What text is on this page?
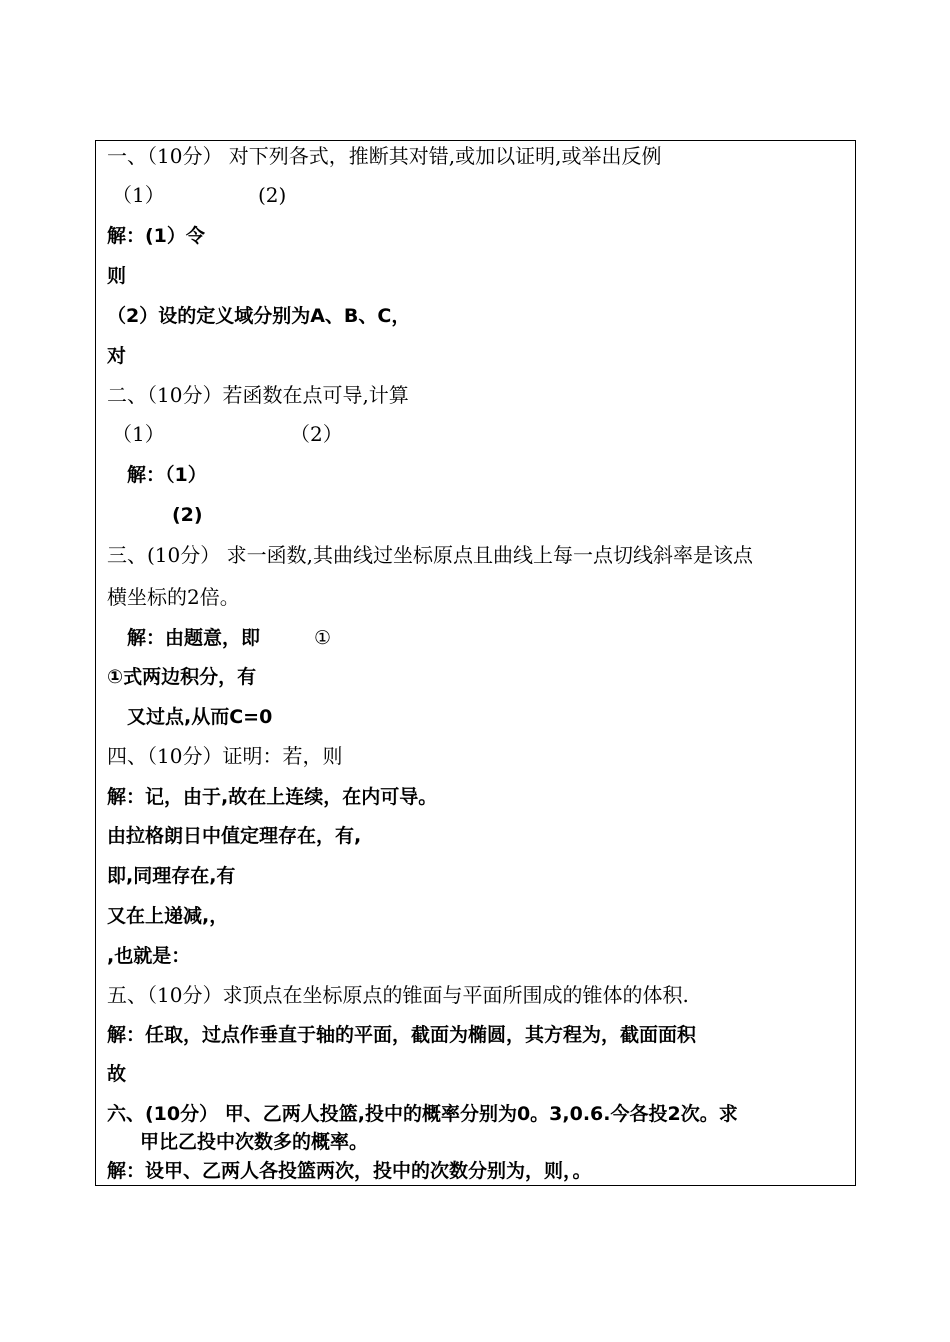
一、（10分） 对下列各式，推断其对错,或加以证明,或举出反例
（1）	(2)
解：(1）令
则
（2）设的定义域分别为A、B、C，
对
二、（10分）若函数在点可导,计算
（1）	（2）
解：（1）
(2)
三、(10分） 求一函数,其曲线过坐标原点且曲线上每一点切线斜率是该点
横坐标的2倍。
解：由题意，即	①
①式两边积分，有
又过点,从而C=0
四、（10分）证明：若，则
解：记，由于,故在上连续，在内可导。
由拉格朗日中值定理存在，有,
即,同理存在,有
又在上递减,，
,也就是：
五、（10分）求顶点在坐标原点的锥面与平面所围成的锥体的体积.
解：任取，过点作垂直于轴的平面，截面为椭圆，其方程为，截面面积
故
六、(10分） 甲、乙两人投篮,投中的概率分别为0。3,0.6.今各投2次。求
甲比乙投中次数多的概率。
解：设甲、乙两人各投篮两次，投中的次数分别为，则，。
